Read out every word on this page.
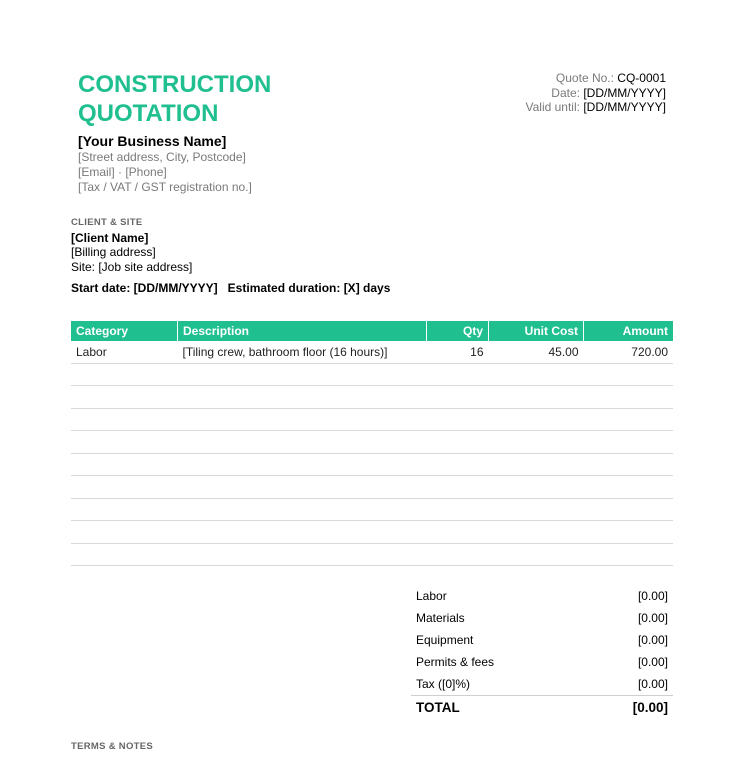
CONSTRUCTION QUOTATION
[Your Business Name]
[Street address, City, Postcode]
[Email] · [Phone]
[Tax / VAT / GST registration no.]
Quote No.: CQ-0001
Date: [DD/MM/YYYY]
Valid until: [DD/MM/YYYY]
CLIENT & SITE
[Client Name]
[Billing address]
Site: [Job site address]
Start date: [DD/MM/YYYY]   Estimated duration: [X] days
Category	Description	Qty	Unit Cost	Amount
Labor	[Tiling crew, bathroom floor (16 hours)]	16	45.00	720.00

Labor	[0.00]
Materials	[0.00]
Equipment	[0.00]
Permits & fees	[0.00]
Tax ([0]%)	[0.00]
TOTAL	[0.00]
TERMS & NOTES
